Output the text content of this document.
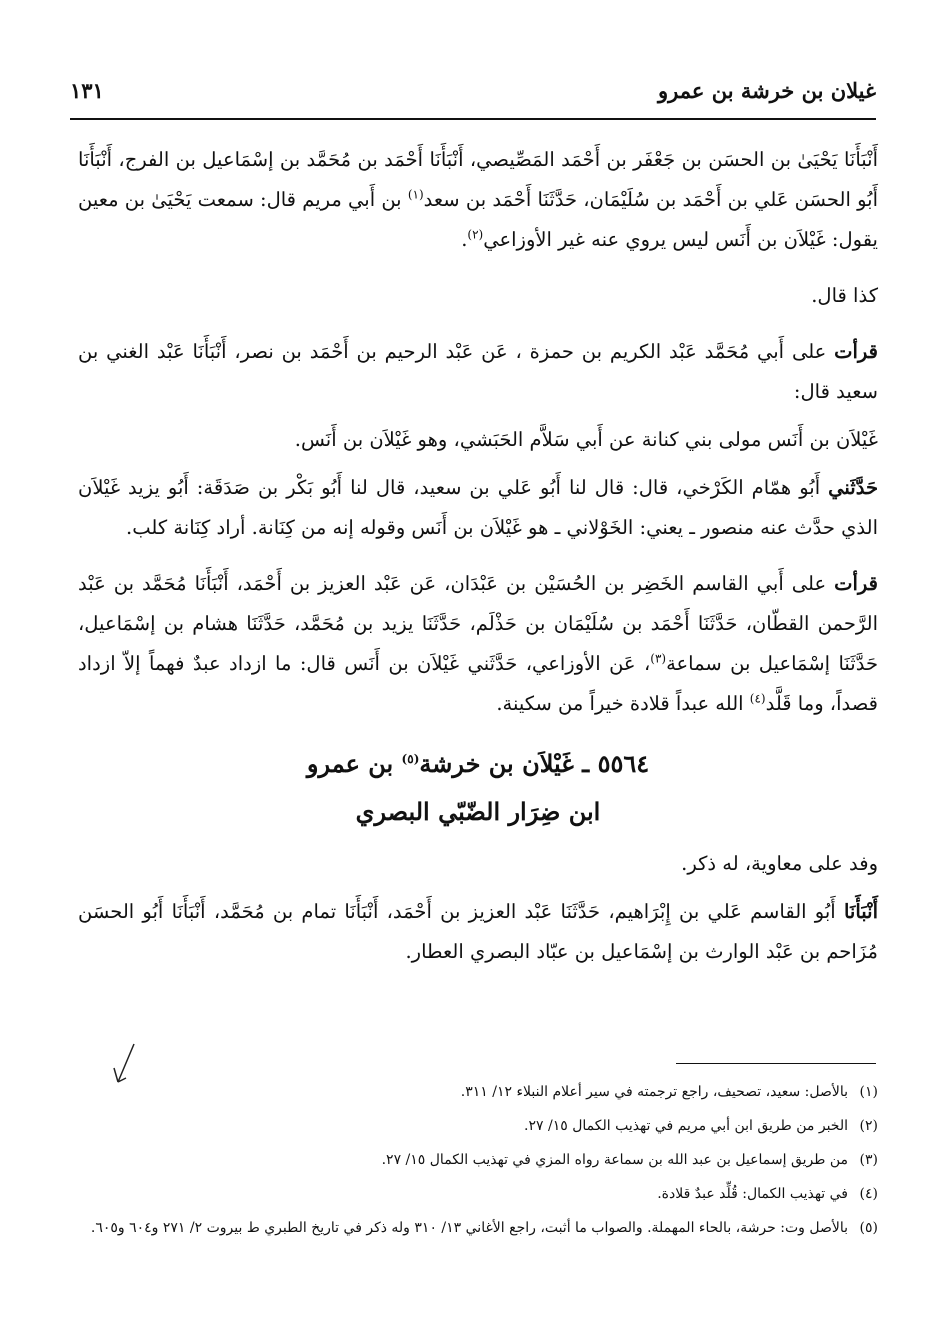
غيلان بن خرشة بن عمرو
١٣١

أَنْبَأَنَا يَحْيَىٰ بن الحسَن بن جَعْفَر بن أَحْمَد المَصِّيصي، أَنْبَأَنَا أَحْمَد بن مُحَمَّد بن إسْمَاعيل بن الفرج، أَنْبَأَنَا أَبُو الحسَن عَلي بن أَحْمَد بن سُلَيْمَان، حَدَّثَنَا أَحْمَد بن سعد$^{(١)}$ بن أَبي مريم قال: سمعت يَحْيَىٰ بن معين يقول: غَيْلاَن بن أَنَس ليس يروي عنه غير الأوزاعي$^{(٢)}$.

كذا قال.

قرأت على أَبي مُحَمَّد عَبْد الكريم بن حمزة ، عَن عَبْد الرحيم بن أَحْمَد بن نصر، أَنْبَأَنَا عَبْد الغني بن سعيد قال:

غَيْلاَن بن أَنَس مولى بني كنانة عن أَبي سَلاَّم الحَبَشي، وهو غَيْلاَن بن أَنَس.

حَدَّثَني أَبُو همّام الكَرْخي، قال: قال لنا أَبُو عَلي بن سعيد، قال لنا أَبُو بَكْر بن صَدَقَة: أَبُو يزيد غَيْلاَن الذي حدَّث عنه منصور ـ يعني: الخَوْلاني ـ هو غَيْلاَن بن أَنَس وقوله إنه من كِنَانة. أراد كِنَانة كلب.

قرأت على أَبي القاسم الخَضِر بن الحُسَيْن بن عَبْدَان، عَن عَبْد العزيز بن أَحْمَد، أَنْبَأَنَا مُحَمَّد بن عَبْد الرَّحمن القطّان، حَدَّثَنَا أَحْمَد بن سُلَيْمَان بن حَذْلَم، حَدَّثَنَا يزيد بن مُحَمَّد، حَدَّثَنَا هشام بن إسْمَاعيل، حَدَّثَنَا إسْمَاعيل بن سماعة$^{(٣)}$، عَن الأوزاعي، حَدَّثَني غَيْلاَن بن أَنَس قال: ما ازداد عبدٌ فهماً إلاّ ازداد قصداً، وما قَلَّد$^{(٤)}$ الله عبداً قلادة خيراً من سكينة.

٥٥٦٤ ـ غَيْلاَن بن خرشة$^{(٥)}$ بن عمرو
ابن ضِرَار الضّبّي البصري

وفد على معاوية، له ذكر.

أَنْبَأَنَا أَبُو القاسم عَلي بن إِبْرَاهيم، حَدَّثَنَا عَبْد العزيز بن أَحْمَد، أَنْبَأَنَا تمام بن مُحَمَّد، أَنْبَأَنَا أَبُو الحسَن مُزَاحم بن عَبْد الوارث بن إسْمَاعيل بن عبّاد البصري العطار.

(١)
بالأصل: سعيد، تصحيف، راجع ترجمته في سير أعلام النبلاء ١٢/ ٣١١.
(٢)
الخبر من طريق ابن أبي مريم في تهذيب الكمال ١٥/ ٢٧.
(٣)
من طريق إسماعيل بن عبد الله بن سماعة رواه المزي في تهذيب الكمال ١٥/ ٢٧.
(٤)
في تهذيب الكمال: قُلِّد عبدٌ قلادة.
(٥)
بالأصل وت: حرشة، بالحاء المهملة. والصواب ما أثبت، راجع الأغاني ١٣/ ٣١٠ وله ذكر في تاريخ الطبري ط بيروت ٢/ ٢٧١ و٦٠٤ و٦٠٥.
